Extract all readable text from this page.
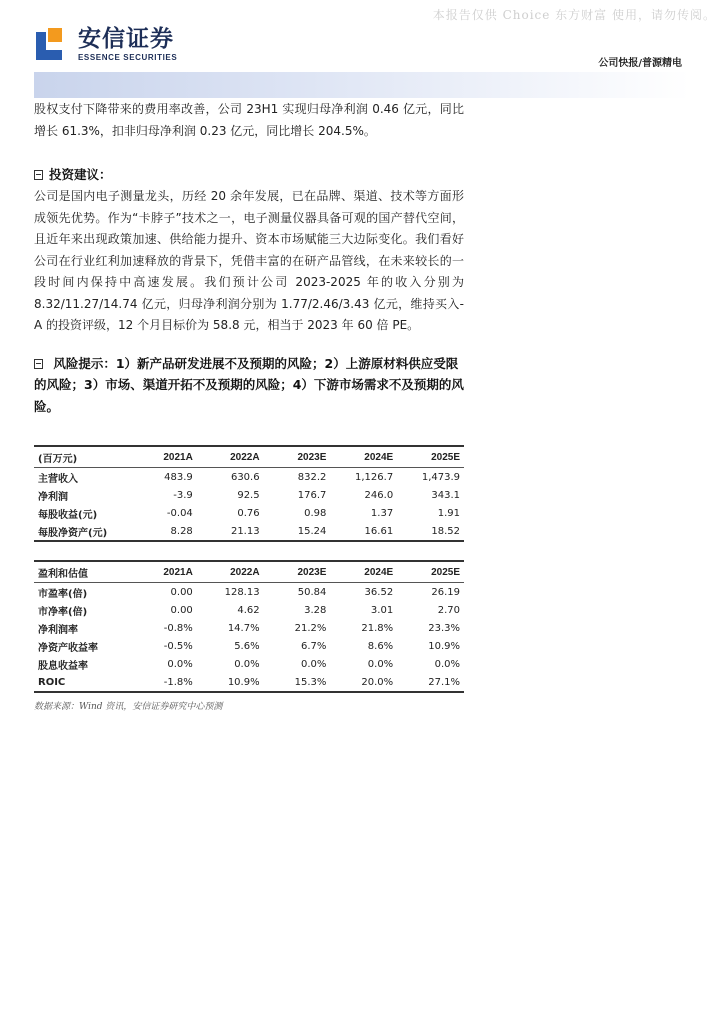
本报告仅供 Choice 东方财富 使用，请勿传阅。
安信证券
ESSENCE SECURITIES
公司快报/普源精电

股权支付下降带来的费用率改善，公司 23H1 实现归母净利润 0.46 亿元，同比增长 61.3%，扣非归母净利润 0.23 亿元，同比增长 204.5%。

投资建议：

公司是国内电子测量龙头，历经 20 余年发展，已在品牌、渠道、技术等方面形成领先优势。作为“卡脖子”技术之一，电子测量仪器具备可观的国产替代空间，且近年来出现政策加速、供给能力提升、资本市场赋能三大边际变化。我们看好公司在行业红利加速释放的背景下，凭借丰富的在研产品管线，在未来较长的一段时间内保持中高速发展。我们预计公司 2023-2025 年的收入分别为 8.32/11.27/14.74 亿元，归母净利润分别为 1.77/2.46/3.43 亿元，维持买入-A 的投资评级，12 个月目标价为 58.8 元，相当于 2023 年 60 倍 PE。

风险提示：1）新产品研发进展不及预期的风险；2）上游原材料供应受限的风险；3）市场、渠道开拓不及预期的风险；4）下游市场需求不及预期的风险。
(百万元)	2021A	2022A	2023E	2024E	2025E
主营收入	483.9	630.6	832.2	1,126.7	1,473.9
净利润	-3.9	92.5	176.7	246.0	343.1
每股收益(元)	-0.04	0.76	0.98	1.37	1.91
每股净资产(元)	8.28	21.13	15.24	16.61	18.52
盈利和估值	2021A	2022A	2023E	2024E	2025E
市盈率(倍)	0.00	128.13	50.84	36.52	26.19
市净率(倍)	0.00	4.62	3.28	3.01	2.70
净利润率	-0.8%	14.7%	21.2%	21.8%	23.3%
净资产收益率	-0.5%	5.6%	6.7%	8.6%	10.9%
股息收益率	0.0%	0.0%	0.0%	0.0%	0.0%
ROIC	-1.8%	10.9%	15.3%	20.0%	27.1%
数据来源：Wind 资讯，安信证券研究中心预测
